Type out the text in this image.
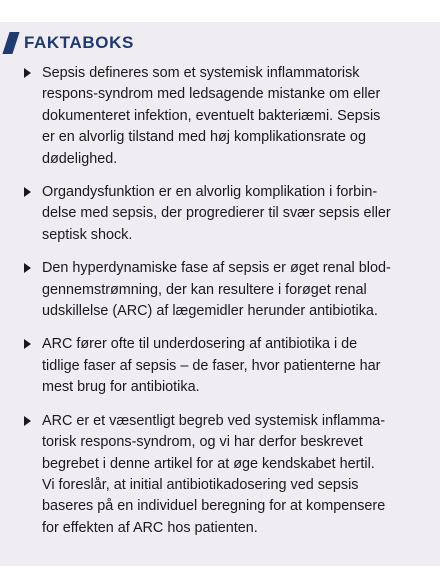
FAKTABOKS
Sepsis defineres som et systemisk inflammatorisk
respons-syndrom med ledsagende mistanke om eller
dokumenteret infektion, eventuelt bakteriæmi. Sepsis
er en alvorlig tilstand med høj komplikationsrate og
dødelighed.
Organdysfunktion er en alvorlig komplikation i forbin-
delse med sepsis, der progredierer til svær sepsis eller
septisk shock.
Den hyperdynamiske fase af sepsis er øget renal blod-
gennemstrømning, der kan resultere i forøget renal
udskillelse (ARC) af lægemidler herunder antibiotika.
ARC fører ofte til underdosering af antibiotika i de
tidlige faser af sepsis – de faser, hvor patienterne har
mest brug for antibiotika.
ARC er et væsentligt begreb ved systemisk inflamma-
torisk respons-syndrom, og vi har derfor beskrevet
begrebet i denne artikel for at øge kendskabet hertil.
Vi foreslår, at initial antibiotikadosering ved sepsis
baseres på en individuel beregning for at kompensere
for effekten af ARC hos patienten.
